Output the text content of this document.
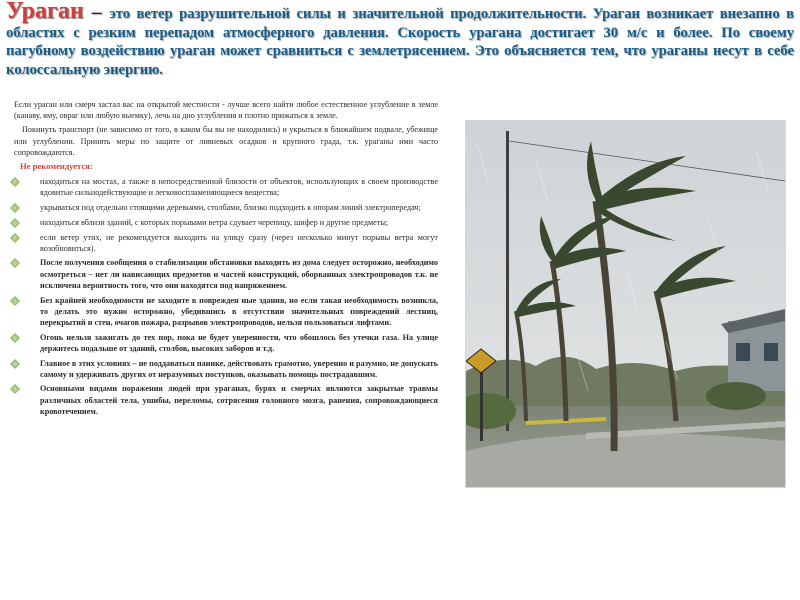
Ураган – это ветер разрушительной силы и значительной продолжительности. Ураган возникает внезапно в областях с резким перепадом атмосферного давления. Скорость урагана достигает 30 м/с и более. По своему пагубному воздействию ураган может сравниться с землетрясением. Это объясняется тем, что ураганы несут в себе колоссальную энергию.

Если ураган или смерч застал вас на открытой местности - лучше всего найти любое естественное углубление в земле (канаву, яму, овраг или любую выемку), лечь на дно углубления и плотно прижаться к земле.

Покинуть транспорт (не зависимо от того, в каком бы вы не находились) и укрыться в ближайшем подвале, убежище или углублении. Принять меры по защите от ливневых осадков и крупного града, т.к. ураганы ими часто сопровождаются.

Не рекомендуется:
находиться на мостах, а также в непосредственной близости от объектов, использующих в своем производстве ядовитые сильнодействующие и легковоспламеняющиеся вещества;
укрываться под отдельно стоящими деревьями, столбами, близко подходить к опорам линий электропередач;
находиться вблизи зданий, с которых порывами ветра сдувает черепицу, шифер и другие предметы;
если ветер утих, не рекомендуется выходить на улицу сразу (через несколько минут порывы ветра могут возобновиться).
После получения сообщения о стабилизации обстановки выходить из дома следует осторожно, необходимо осмотреться – нет ли нависающих предметов и частей конструкций, оборванных электропроводов т.к. не исключена вероятность того, что они находятся под напряжением.
Без крайней необходимости не заходите в поврежден ные здания, но если такая необходимость возникла, то делать это нужно осторожно, убедившись в отсутствии значительных повреждений лестниц, перекрытий и стен, очагов пожара, разрывов электропроводов, нельзя пользоваться лифтами.
Огонь нельзя зажигать до тех пор, пока не будет уверенности, что обошлось без утечки газа. На улице держитесь подальше от зданий, столбов, высоких заборов и т.д.
Главное в этих условиях – не поддаваться панике, действовать грамотно, уверенно и разумно, не допускать самому и удерживать других от неразумных поступков, оказывать помощь пострадавшим.
Основными видами поражения людей при ураганах, бурях и смерчах являются закрытые травмы различных областей тела, ушибы, переломы, сотрясения головного мозга, ранения, сопровождающиеся кровотечением.
